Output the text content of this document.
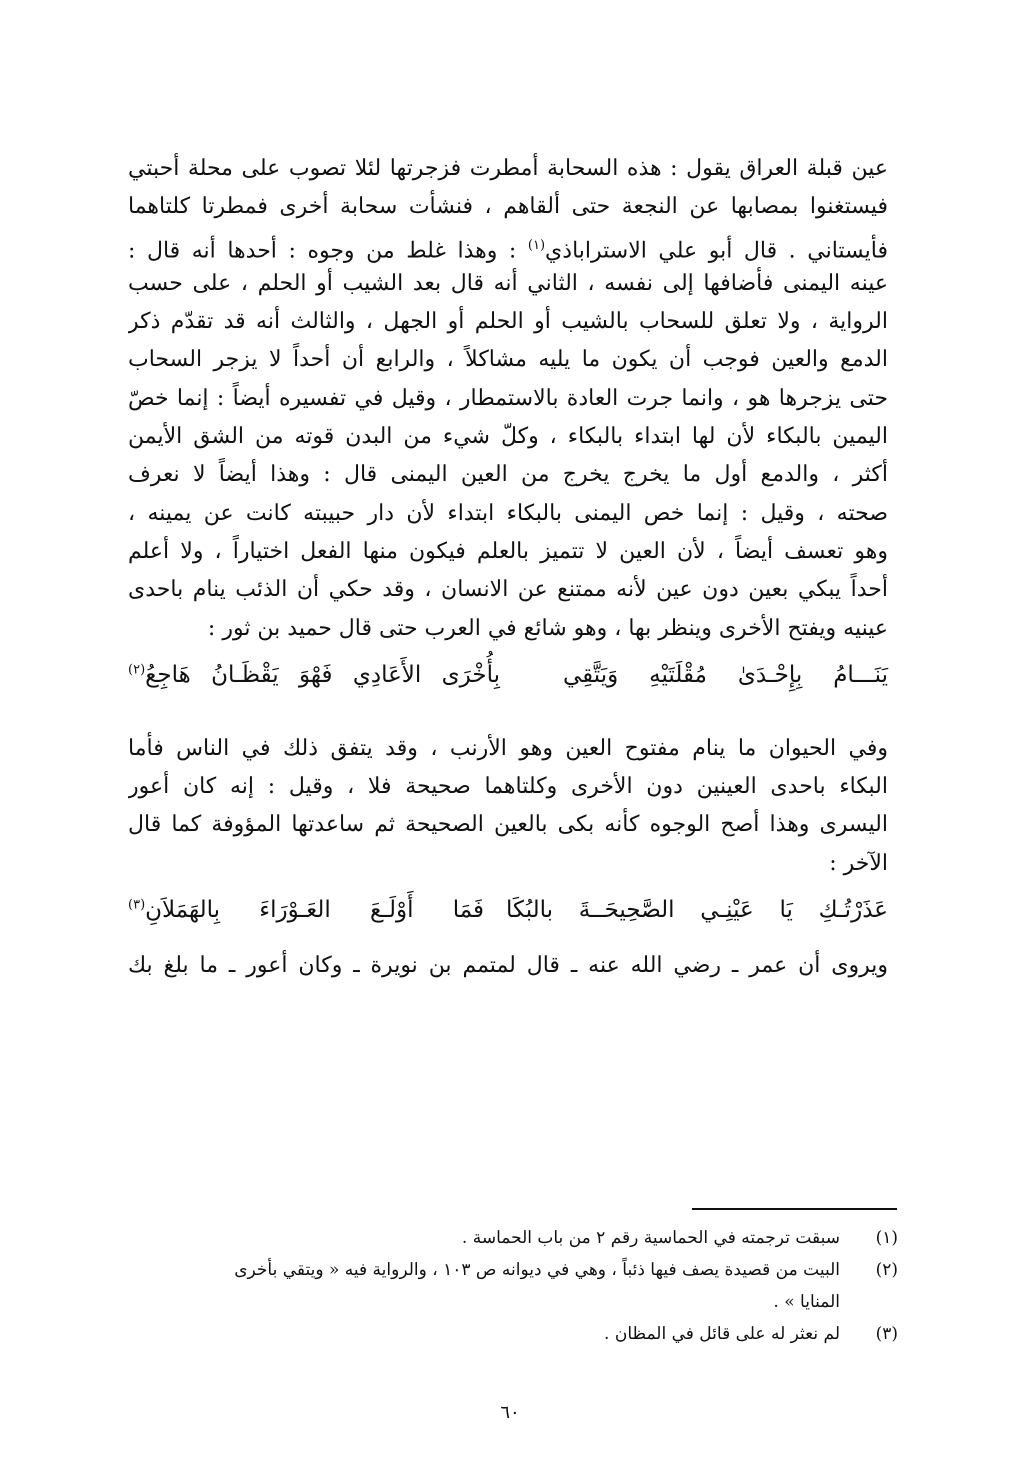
عين قبلة العراق يقول : هذه السحابة أمطرت فزجرتها لئلا تصوب على محلة أحبتي
فيستغنوا بمصابها عن النجعة حتى ألقاهم ، فنشأت سحابة أخرى فمطرتا كلتاهما
فأيستاني . قال أبو علي الاستراباذي$^{(١)}$ : وهذا غلط من وجوه : أحدها أنه قال :
عينه اليمنى فأضافها إلى نفسه ، الثاني أنه قال بعد الشيب أو الحلم ، على حسب
الرواية ، ولا تعلق للسحاب بالشيب أو الحلم أو الجهل ، والثالث أنه قد تقدّم ذكر
الدمع والعين فوجب أن يكون ما يليه مشاكلاً ، والرابع أن أحداً لا يزجر السحاب
حتى يزجرها هو ، وانما جرت العادة بالاستمطار ، وقيل في تفسيره أيضاً : إنما خصّ
اليمين بالبكاء لأن لها ابتداء بالبكاء ، وكلّ شيء من البدن قوته من الشق الأيمن
أكثر ، والدمع أول ما يخرج يخرج من العين اليمنى قال : وهذا أيضاً لا نعرف
صحته ، وقيل : إنما خص اليمنى بالبكاء ابتداء لأن دار حبيبته كانت عن يمينه ،
وهو تعسف أيضاً ، لأن العين لا تتميز بالعلم فيكون منها الفعل اختياراً ، ولا أعلم
أحداً يبكي بعين دون عين لأنه ممتنع عن الانسان ، وقد حكي أن الذئب ينام باحدى
عينيه ويفتح الأخرى وينظر بها ، وهو شائع في العرب حتى قال حميد بن ثور :
يَنَـــامُ بِإِحْـدَىٰ مُقْلَتَيْهِ وَيَتَّقِي
بِأُخْرَى الأَعَادِي فَهْوَ يَقْظَـانُ هَاجِعُ$^{(٢)}$
وفي الحيوان ما ينام مفتوح العين وهو الأرنب ، وقد يتفق ذلك في الناس فأما
البكاء باحدى العينين دون الأخرى وكلتاهما صحيحة فلا ، وقيل : إنه كان أعور
اليسرى وهذا أصح الوجوه كأنه بكى بالعين الصحيحة ثم ساعدتها المؤوفة كما قال
الآخر :
عَذَرْتُـكِ يَا عَيْنِـي الصَّحِيحَــةَ بالبُكَا
فَمَا أَوْلَـعَ العَـوْرَاءَ بِالهَمَلاَنِ$^{(٣)}$
ويروى أن عمر ـ رضي الله عنه ـ قال لمتمم بن نويرة ـ وكان أعور ـ ما بلغ بك
(١)
سبقت ترجمته في الحماسية رقم ٢ من باب الحماسة .
(٢)
البيت من قصيدة يصف فيها ذئباً ، وهي في ديوانه ص ١٠٣ ، والرواية فيه « ويتقي بأخرى
المنايا » .
(٣)
لم نعثر له على قائل في المظان .
٦٠
